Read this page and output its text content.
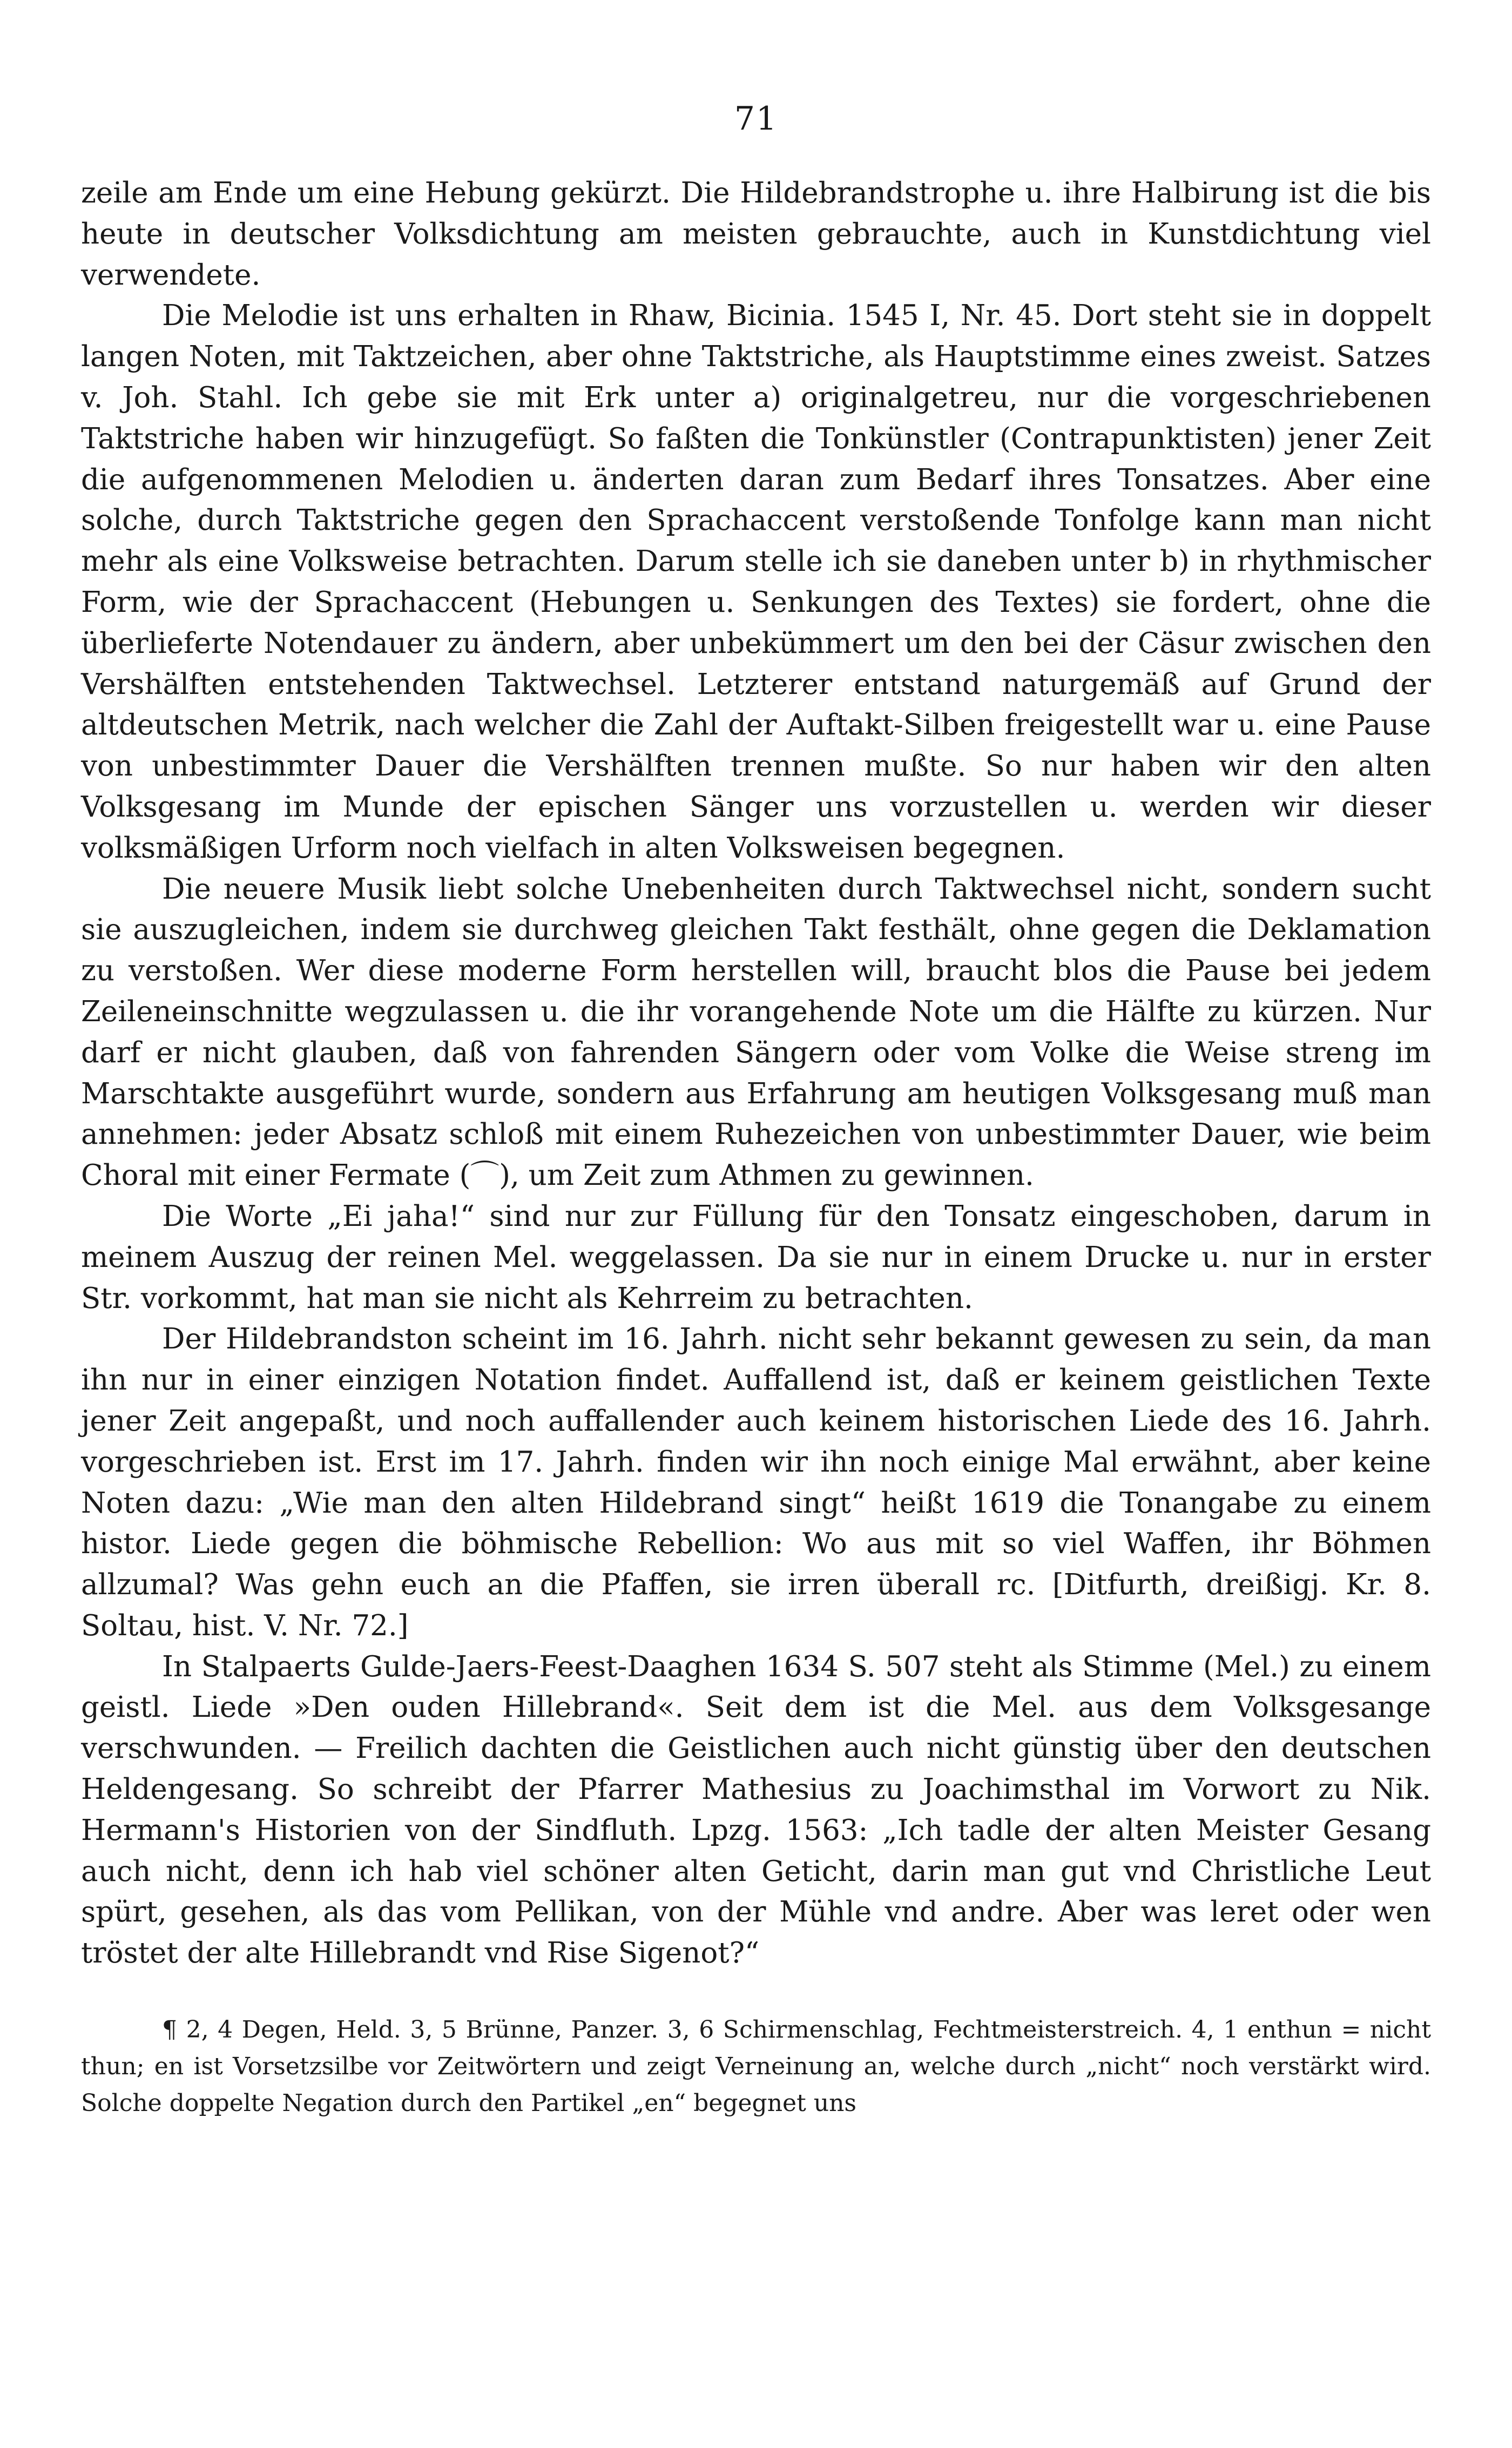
71

zeile am Ende um eine Hebung gekürzt. Die Hildebrandstrophe u. ihre Halbirung ist die bis heute in deutscher Volksdichtung am meisten gebrauchte, auch in Kunstdichtung viel verwendete.

Die Melodie ist uns erhalten in Rhaw, Bicinia. 1545 I, Nr. 45. Dort steht sie in doppelt langen Noten, mit Taktzeichen, aber ohne Taktstriche, als Hauptstimme eines zweist. Satzes v. Joh. Stahl. Ich gebe sie mit Erk unter a) originalgetreu, nur die vorgeschriebenen Taktstriche haben wir hinzugefügt. So faßten die Tonkünstler (Contrapunktisten) jener Zeit die aufgenommenen Melodien u. änderten daran zum Bedarf ihres Tonsatzes. Aber eine solche, durch Taktstriche gegen den Sprachaccent verstoßende Tonfolge kann man nicht mehr als eine Volksweise betrachten. Darum stelle ich sie daneben unter b) in rhythmischer Form, wie der Sprachaccent (Hebungen u. Senkungen des Textes) sie fordert, ohne die überlieferte Notendauer zu ändern, aber unbekümmert um den bei der Cäsur zwischen den Vershälften entstehenden Taktwechsel. Letzterer entstand naturgemäß auf Grund der altdeutschen Metrik, nach welcher die Zahl der Auftakt-Silben freigestellt war u. eine Pause von unbestimmter Dauer die Vershälften trennen mußte. So nur haben wir den alten Volksgesang im Munde der epischen Sänger uns vorzustellen u. werden wir dieser volksmäßigen Urform noch vielfach in alten Volksweisen begegnen.

Die neuere Musik liebt solche Unebenheiten durch Taktwechsel nicht, sondern sucht sie auszugleichen, indem sie durchweg gleichen Takt festhält, ohne gegen die Deklamation zu verstoßen. Wer diese moderne Form herstellen will, braucht blos die Pause bei jedem Zeileneinschnitte wegzulassen u. die ihr vorangehende Note um die Hälfte zu kürzen. Nur darf er nicht glauben, daß von fahrenden Sängern oder vom Volke die Weise streng im Marschtakte ausgeführt wurde, sondern aus Erfahrung am heutigen Volksgesang muß man annehmen: jeder Absatz schloß mit einem Ruhezeichen von unbestimmter Dauer, wie beim Choral mit einer Fermate (⌒), um Zeit zum Athmen zu gewinnen.

Die Worte „Ei jaha!“ sind nur zur Füllung für den Tonsatz eingeschoben, darum in meinem Auszug der reinen Mel. weggelassen. Da sie nur in einem Drucke u. nur in erster Str. vorkommt, hat man sie nicht als Kehrreim zu betrachten.

Der Hildebrandston scheint im 16. Jahrh. nicht sehr bekannt gewesen zu sein, da man ihn nur in einer einzigen Notation findet. Auffallend ist, daß er keinem geistlichen Texte jener Zeit angepaßt, und noch auffallender auch keinem historischen Liede des 16. Jahrh. vorgeschrieben ist. Erst im 17. Jahrh. finden wir ihn noch einige Mal erwähnt, aber keine Noten dazu: „Wie man den alten Hildebrand singt“ heißt 1619 die Tonangabe zu einem histor. Liede gegen die böhmische Rebellion: Wo aus mit so viel Waffen, ihr Böhmen allzumal? Was gehn euch an die Pfaffen, sie irren überall rc. [Ditfurth, dreißigj. Kr. 8. Soltau, hist. V. Nr. 72.]

In Stalpaerts Gulde-Jaers-Feest-Daaghen 1634 S. 507 steht als Stimme (Mel.) zu einem geistl. Liede »Den ouden Hillebrand«. Seit dem ist die Mel. aus dem Volksgesange verschwunden. — Freilich dachten die Geistlichen auch nicht günstig über den deutschen Heldengesang. So schreibt der Pfarrer Mathesius zu Joachimsthal im Vorwort zu Nik. Hermann's Historien von der Sindfluth. Lpzg. 1563: „Ich tadle der alten Meister Gesang auch nicht, denn ich hab viel schöner alten Geticht, darin man gut vnd Christliche Leut spürt, gesehen, als das vom Pellikan, von der Mühle vnd andre. Aber was leret oder wen tröstet der alte Hillebrandt vnd Rise Sigenot?“

¶ 2, 4 Degen, Held. 3, 5 Brünne, Panzer. 3, 6 Schirmenschlag, Fechtmeisterstreich. 4, 1 enthun = nicht thun; en ist Vorsetzsilbe vor Zeitwörtern und zeigt Verneinung an, welche durch „nicht“ noch verstärkt wird. Solche doppelte Negation durch den Partikel „en“ begegnet uns
